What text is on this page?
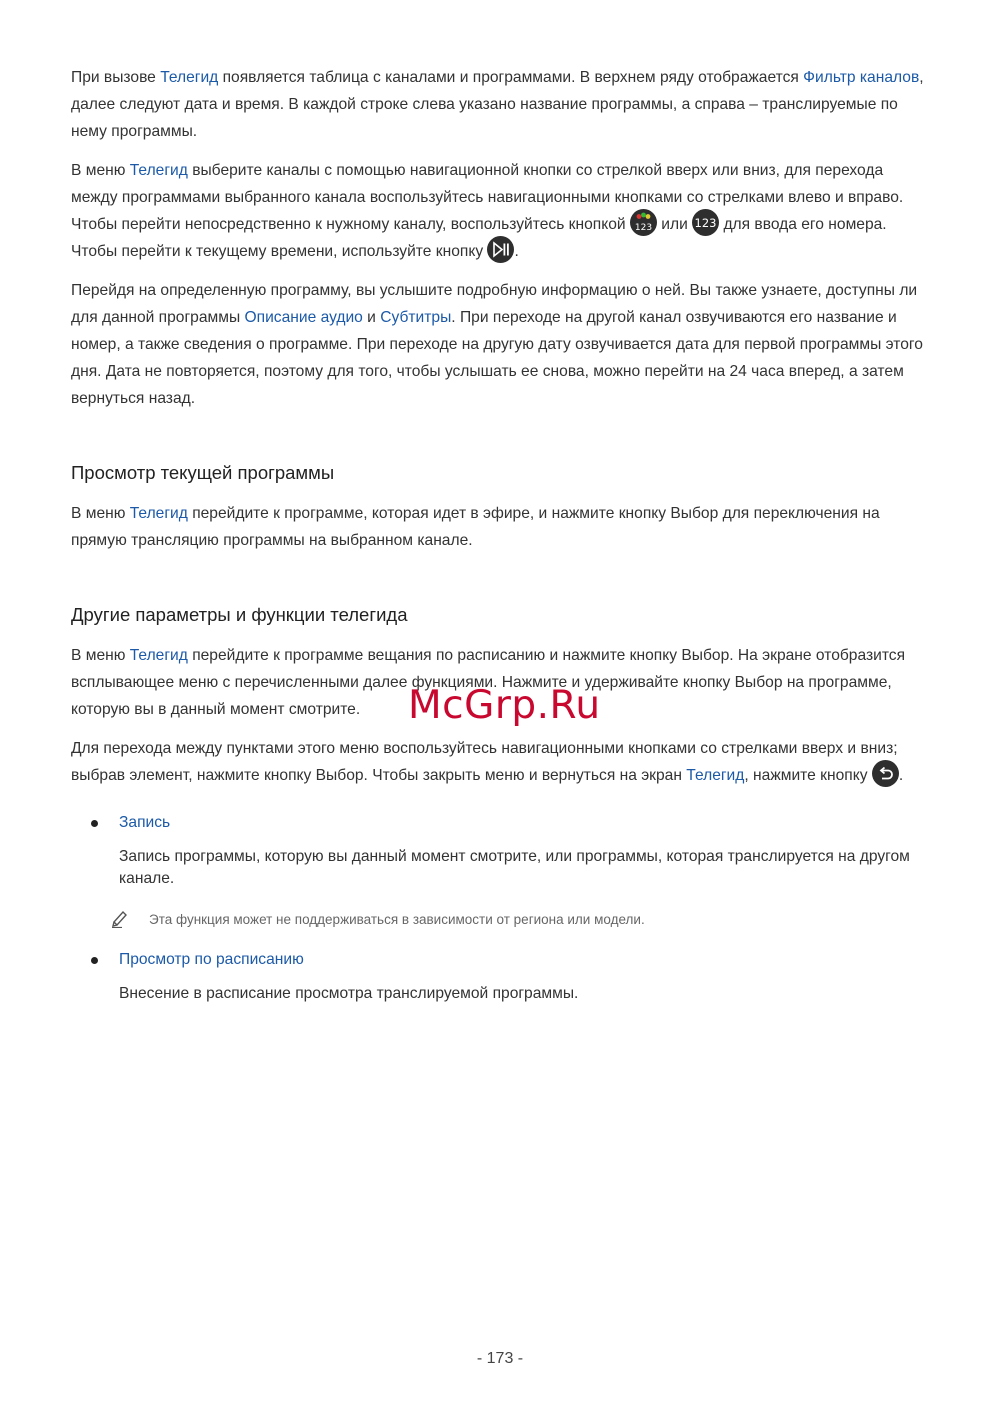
При вызове Телегид появляется таблица с каналами и программами. В верхнем ряду отображается Фильтр каналов, далее следуют дата и время. В каждой строке слева указано название программы, а справа – транслируемые по нему программы.

В меню Телегид выберите каналы с помощью навигационной кнопки со стрелкой вверх или вниз, для перехода между программами выбранного канала воспользуйтесь навигационными кнопками со стрелками влево и вправо. Чтобы перейти непосредственно к нужному каналу, воспользуйтесь кнопкой 123 или 123 для ввода его номера. Чтобы перейти к текущему времени, используйте кнопку
.

Перейдя на определенную программу, вы услышите подробную информацию о ней. Вы также узнаете, доступны ли для данной программы Описание аудио и Субтитры. При переходе на другой канал озвучиваются его название и номер, а также сведения о программе. При переходе на другую дату озвучивается дата для первой программы этого дня. Дата не повторяется, поэтому для того, чтобы услышать ее снова, можно перейти на 24 часа вперед, а затем вернуться назад.

Просмотр текущей программы

В меню Телегид перейдите к программе, которая идет в эфире, и нажмите кнопку Выбор для переключения на прямую трансляцию программы на выбранном канале.

Другие параметры и функции телегида

В меню Телегид перейдите к программе вещания по расписанию и нажмите кнопку Выбор. На экране отобразится всплывающее меню с перечисленными далее функциями. Нажмите и удерживайте кнопку Выбор на программе, которую вы в данный момент смотрите.

Для перехода между пунктами этого меню воспользуйтесь навигационными кнопками со стрелками вверх и вниз; выбрав элемент, нажмите кнопку Выбор. Чтобы закрыть меню и вернуться на экран Телегид, нажмите кнопку
.

Запись
Запись программы, которую вы данный момент смотрите, или программы, которая транслируется на другом канале.
Эта функция может не поддерживаться в зависимости от региона или модели.
Просмотр по расписанию
Внесение в расписание просмотра транслируемой программы.
McGrp.Ru
- 173 -
